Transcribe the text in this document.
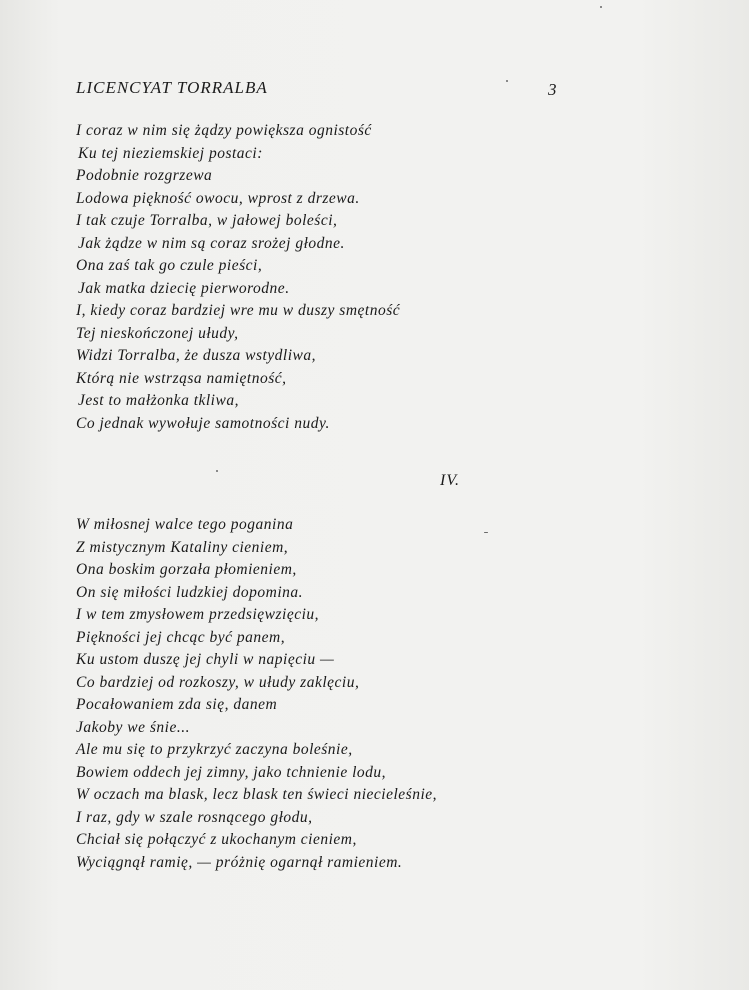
LICENCYAT TORRALBA	3
I coraz w nim się żądzy powiększa ognistość
Ku tej nieziemskiej postaci:
Podobnie rozgrzewa
Lodowa piękność owocu, wprost z drzewa.
I tak czuje Torralba, w jałowej boleści,
Jak żądze w nim są coraz srożej głodne.
Ona zaś tak go czule pieści,
Jak matka dziecię pierworodne.
I, kiedy coraz bardziej wre mu w duszy smętność
Tej nieskończonej ułudy,
Widzi Torralba, że dusza wstydliwa,
Którą nie wstrząsa namiętność,
Jest to małżonka tkliwa,
Co jednak wywołuje samotności nudy.
IV.
W miłosnej walce tego poganina
Z mistycznym Kataliny cieniem,
Ona boskim gorzała płomieniem,
On się miłości ludzkiej dopomina.
I w tem zmysłowem przedsięwzięciu,
Piękności jej chcąc być panem,
Ku ustom duszę jej chyli w napięciu —
Co bardziej od rozkoszy, w ułudy zaklęciu,
Pocałowaniem zda się, danem
Jakoby we śnie...
Ale mu się to przykrzyć zaczyna boleśnie,
Bowiem oddech jej zimny, jako tchnienie lodu,
W oczach ma blask, lecz blask ten świeci niecieleśnie,
I raz, gdy w szale rosnącego głodu,
Chciał się połączyć z ukochanym cieniem,
Wyciągnął ramię, — próżnię ogarnął ramieniem.
